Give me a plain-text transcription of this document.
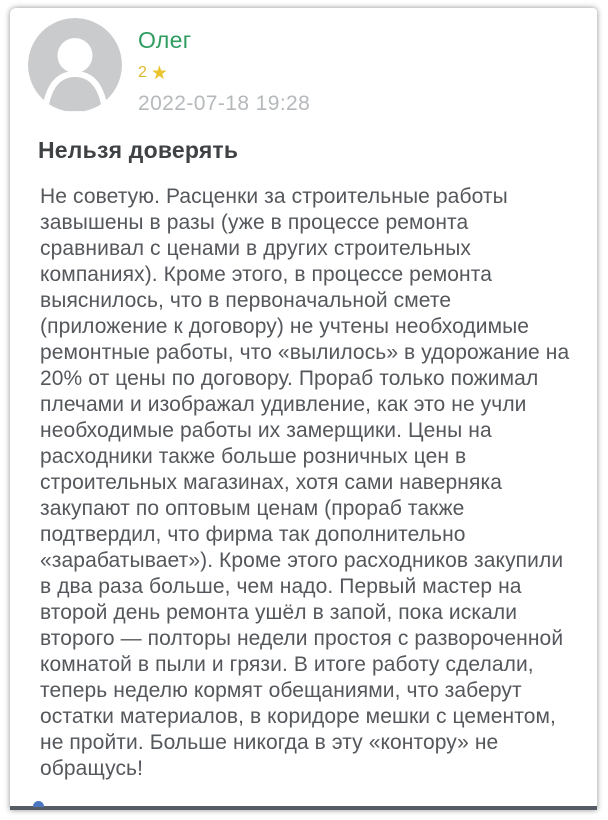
Олег
2 ★
2022-07-18 19:28
Нельзя доверять
Не советую. Расценки за строительные работы завышены в разы (уже в процессе ремонта сравнивал с ценами в других строительных компаниях). Кроме этого, в процессе ремонта выяснилось, что в первоначальной смете (приложение к договору) не учтены необходимые ремонтные работы, что «вылилось» в удорожание на 20% от цены по договору. Прораб только пожимал плечами и изображал удивление, как это не учли необходимые работы их замерщики. Цены на расходники также больше розничных цен в строительных магазинах, хотя сами наверняка закупают по оптовым ценам (прораб также подтвердил, что фирма так дополнительно «зарабатывает»). Кроме этого расходников закупили в два раза больше, чем надо. Первый мастер на второй день ремонта ушёл в запой, пока искали второго — полторы недели простоя с развороченной комнатой в пыли и грязи. В итоге работу сделали, теперь неделю кормят обещаниями, что заберут остатки материалов, в коридоре мешки с цементом, не пройти. Больше никогда в эту «контору» не обращусь!
